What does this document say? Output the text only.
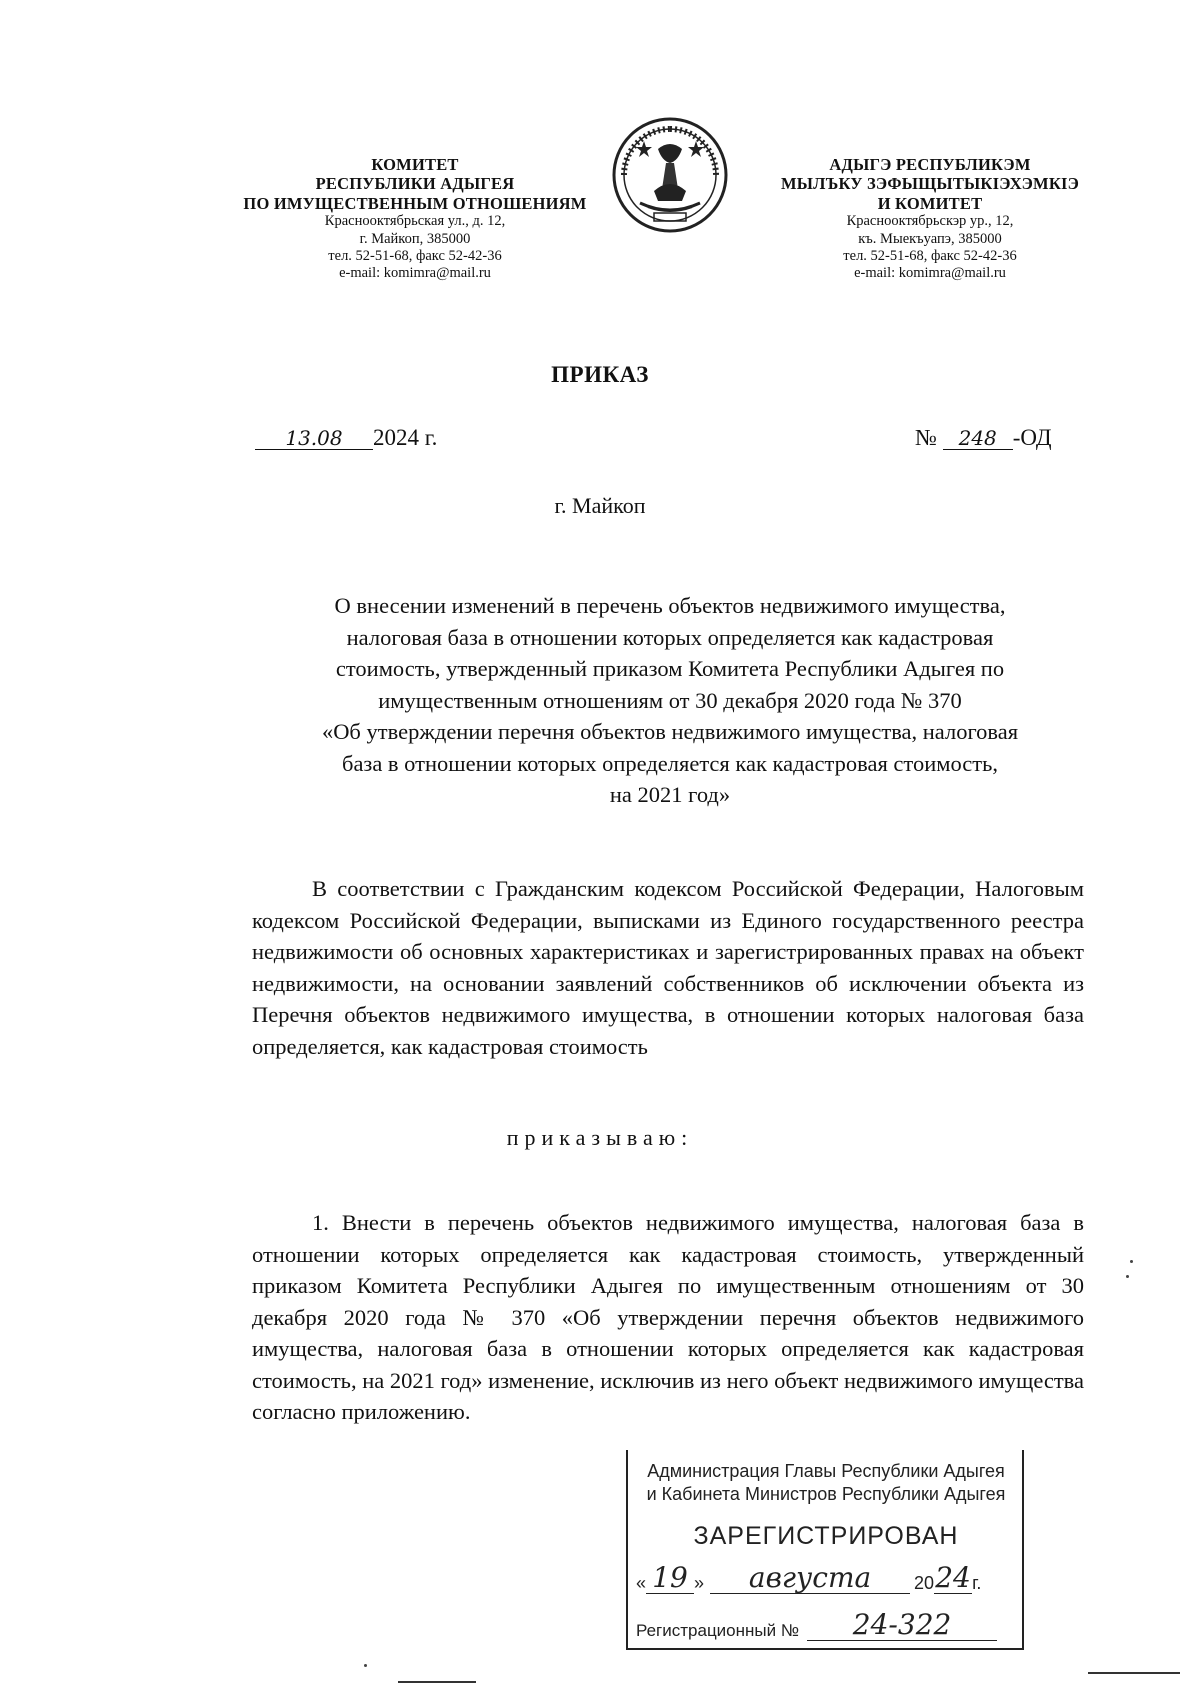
КОМИТЕТ
РЕСПУБЛИКИ АДЫГЕЯ
ПО ИМУЩЕСТВЕННЫМ ОТНОШЕНИЯМ
Краснооктябрьская ул., д. 12,
г. Майкоп, 385000
тел. 52-51-68, факс 52-42-36
e-mail: komimra@mail.ru
АДЫГЭ РЕСПУБЛИКЭМ
МЫЛЪКУ ЗЭФЫЩЫТЫКIЭХЭМКIЭ
И КОМИТЕТ
Краснооктябрьскэр ур., 12,
къ. Мыекъуапэ, 385000
тел. 52-51-68, факс 52-42-36
e-mail: komimra@mail.ru
ПРИКАЗ
13.08 2024 г.	№ 248 -ОД
г. Майкоп
О внесении изменений в перечень объектов недвижимого имущества,
налоговая база в отношении которых определяется как кадастровая
стоимость, утвержденный приказом Комитета Республики Адыгея по
имущественным отношениям от 30 декабря 2020 года № 370
«Об утверждении перечня объектов недвижимого имущества, налоговая
база в отношении которых определяется как кадастровая стоимость,
на 2021 год»

В соответствии с Гражданским кодексом Российской Федерации, Налоговым кодексом Российской Федерации, выписками из Единого государственного реестра недвижимости об основных характеристиках и зарегистрированных правах на объект недвижимости, на основании заявлений собственников об исключении объекта из Перечня объектов недвижимого имущества, в отношении которых налоговая база определяется, как кадастровая стоимость

приказываю:

1. Внести в перечень объектов недвижимого имущества, налоговая база в отношении которых определяется как кадастровая стоимость, утвержденный приказом Комитета Республики Адыгея по имущественным отношениям от 30 декабря 2020 года № 370 «Об утверждении перечня объектов недвижимого имущества, налоговая база в отношении которых определяется как кадастровая стоимость, на 2021 год» изменение, исключив из него объект недвижимого имущества согласно приложению.

Администрация Главы Республики Адыгея
и Кабинета Министров Республики Адыгея
ЗАРЕГИСТРИРОВАН
« 19 »	августа	20 24 г.
Регистрационный №	24-322
